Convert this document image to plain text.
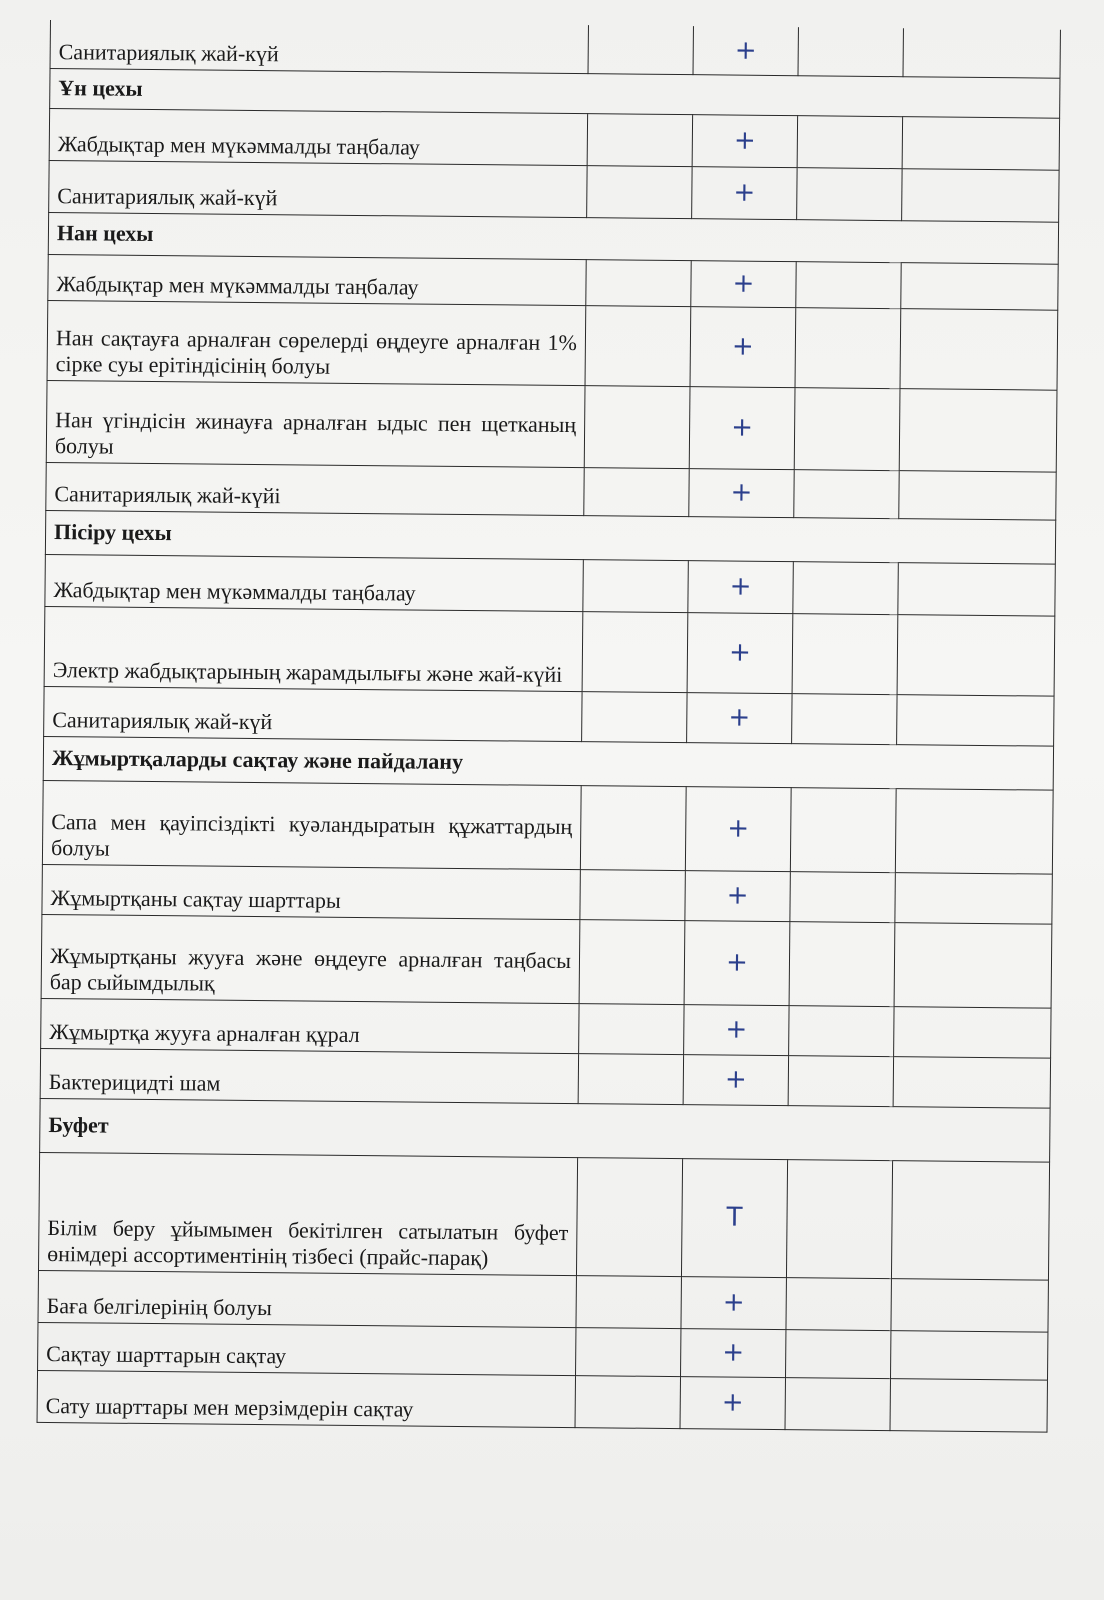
Санитариялық жай-күй		+		
Ұн цехы				
Жабдықтар мен мүкәммалды таңбалау		+		
Санитариялық жай-күй		+		
Нан цехы				
Жабдықтар мен мүкәммалды таңбалау		+		
Нан сақтауға арналған сөрелерді өңдеуге арналған 1% сірке суы ерітіндісінің болуы		+		
Нан үгіндісін жинауға арналған ыдыс пен щетканың болуы		+		
Санитариялық жай-күйі		+		
Пісіру цехы				
Жабдықтар мен мүкәммалды таңбалау		+		
Электр жабдықтарының жарамдылығы және жай-күйі		+		
Санитариялық жай-күй		+		
Жұмыртқаларды сақтау және пайдалану				
Сапа мен қауіпсіздікті куәландыратын құжаттардың болуы		+		
Жұмыртқаны сақтау шарттары		+		
Жұмыртқаны жууға және өңдеуге арналған таңбасы бар сыйымдылық		+		
Жұмыртқа жууға арналған құрал		+		
Бактерицидті шам		+		
Буфет				
Білім беру ұйымымен бекітілген сатылатын буфет өнімдері ассортиментінің тізбесі (прайс-парақ)		T		
Баға белгілерінің болуы		+		
Сақтау шарттарын сақтау		+		
Сату шарттары мен мерзімдерін сақтау		+		
